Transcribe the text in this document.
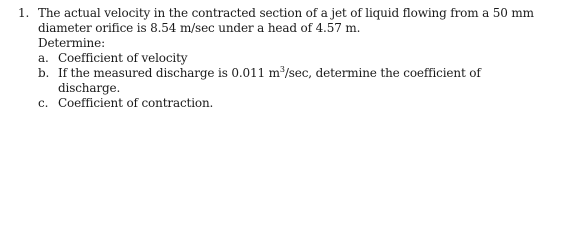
1. The actual velocity in the contracted section of a jet of liquid flowing from a 50 mm
diameter orifice is 8.54 m/sec under a head of 4.57 m.
Determine:
a. Coefficient of velocity
b. If the measured discharge is 0.011 $m^3/\sec$, determine the coefficient of
discharge.
c. Coefficient of contraction.
